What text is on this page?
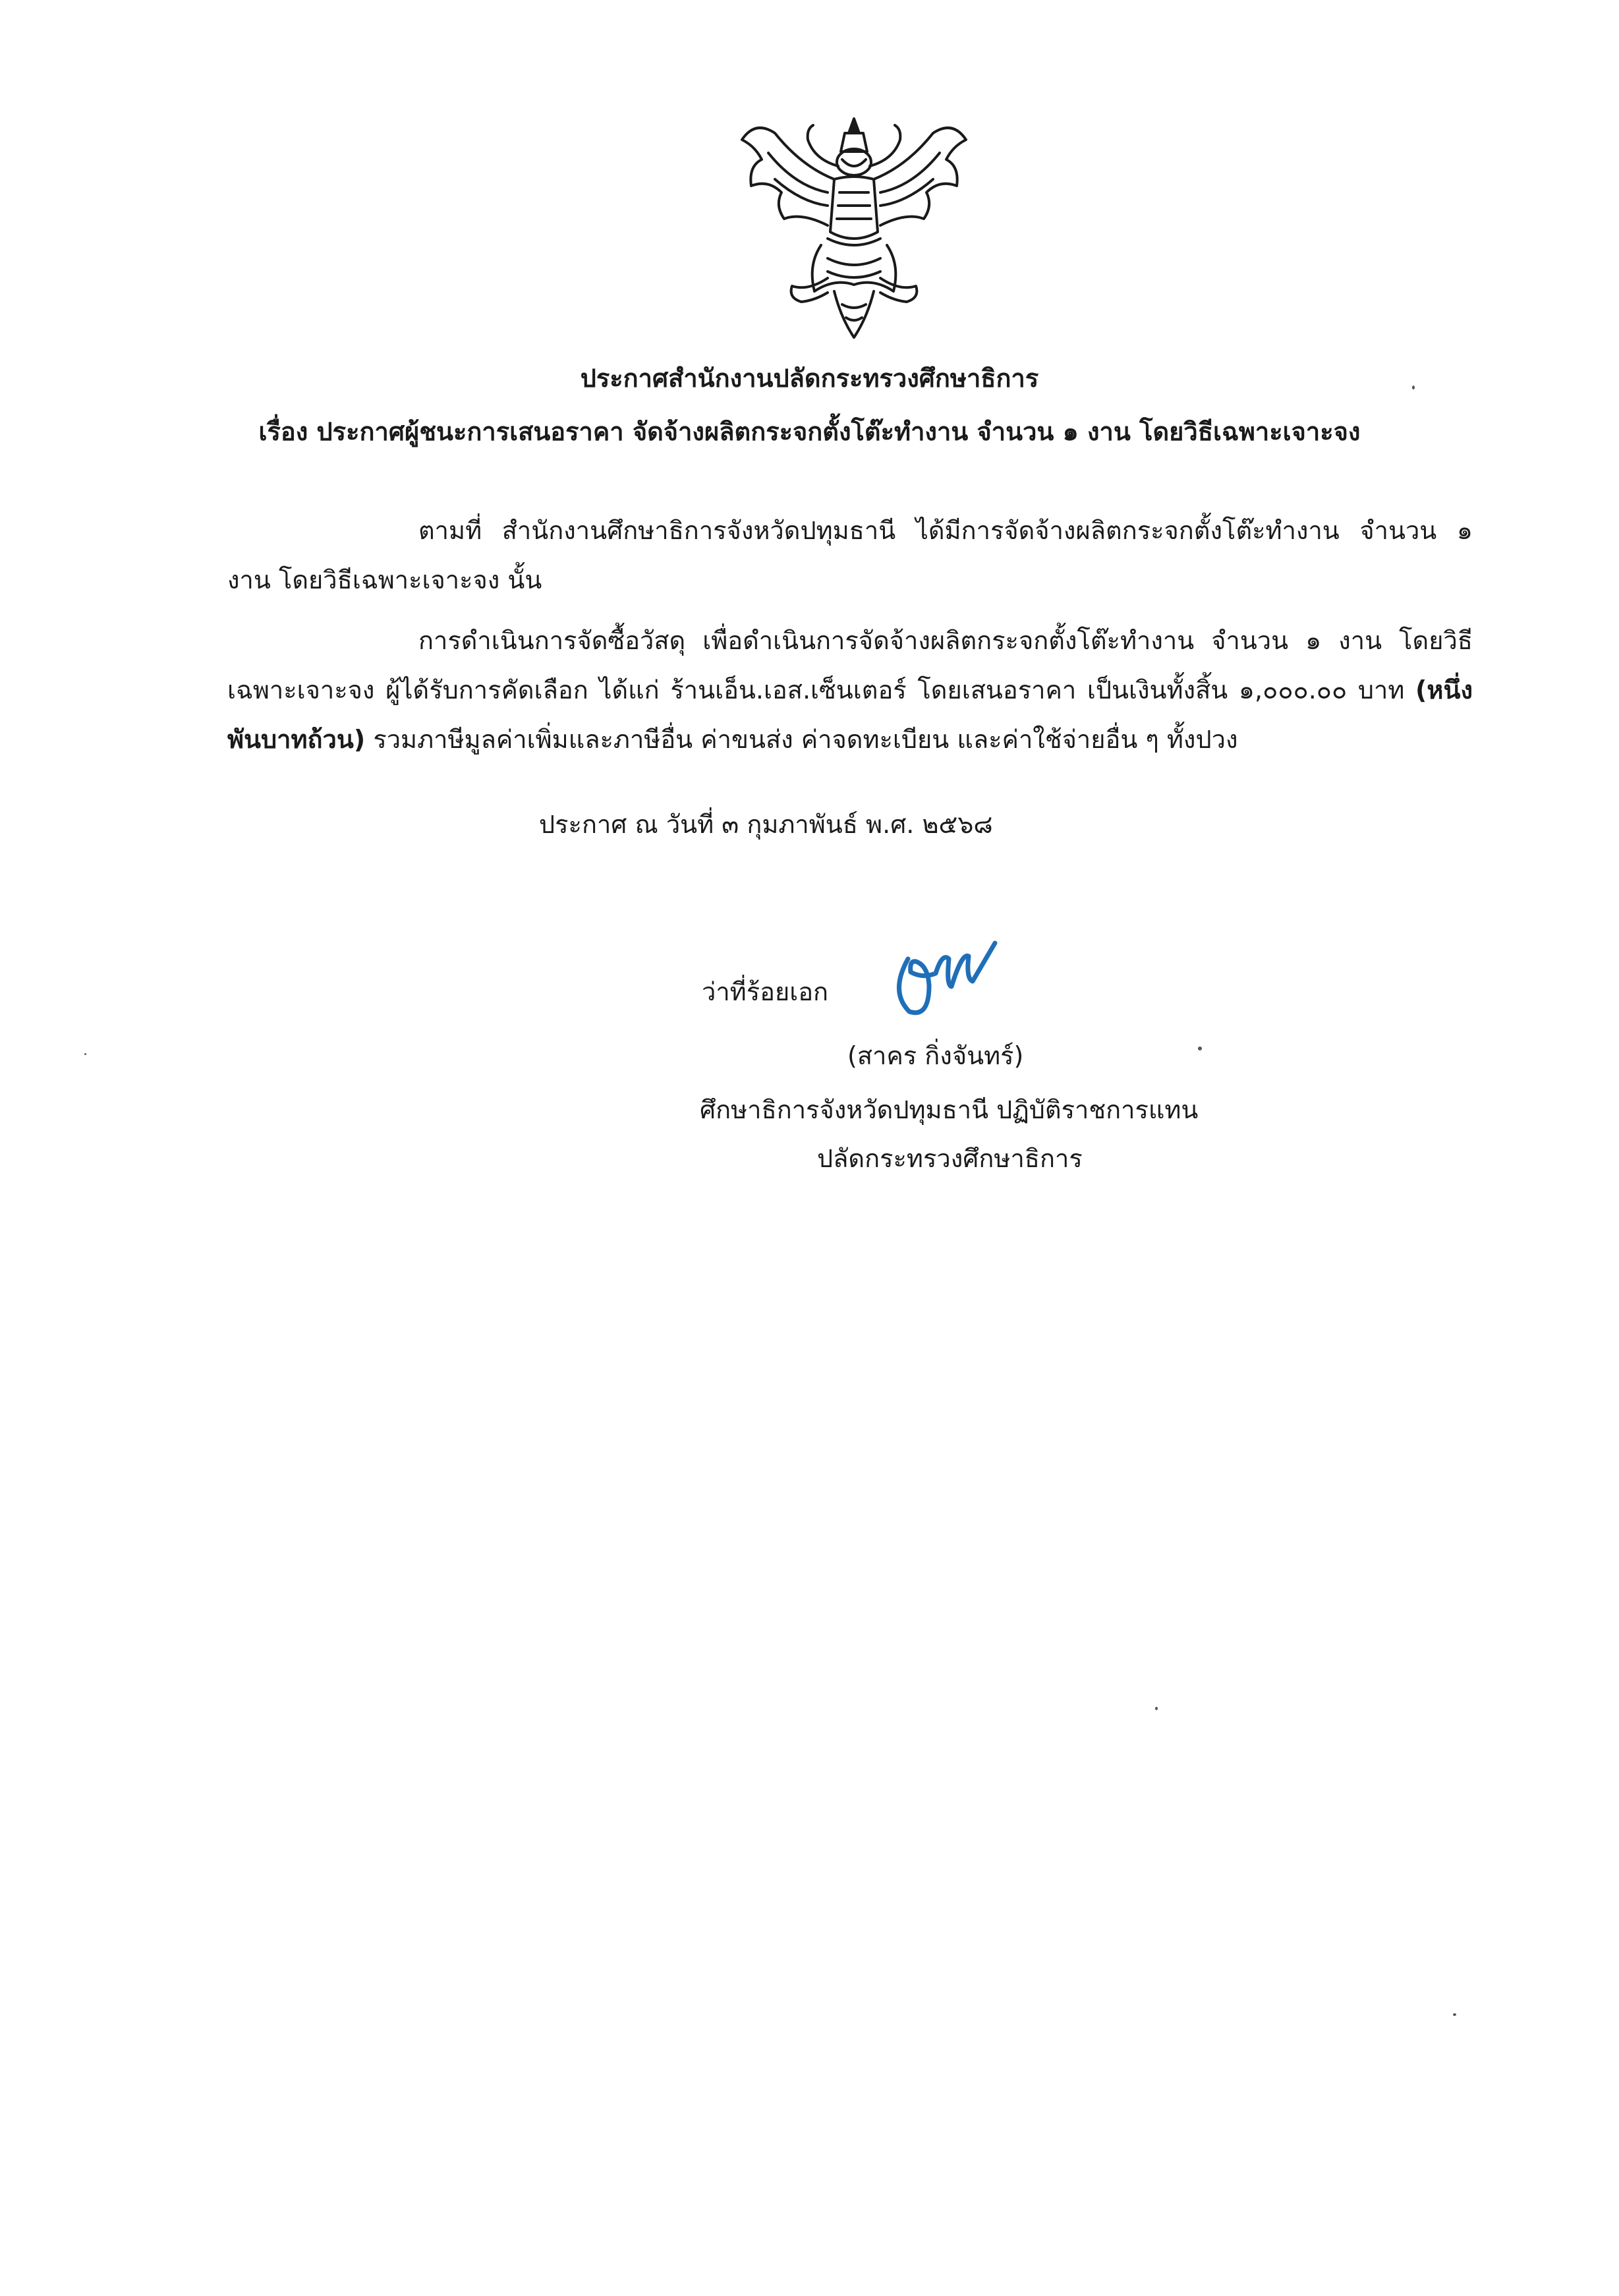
ประกาศสำนักงานปลัดกระทรวงศึกษาธิการ
เรื่อง ประกาศผู้ชนะการเสนอราคา จัดจ้างผลิตกระจกตั้งโต๊ะทำงาน จำนวน ๑ งาน โดยวิธีเฉพาะเจาะจง

ตามที่ สำนักงานศึกษาธิการจังหวัดปทุมธานี ได้มีการจัดจ้างผลิตกระจกตั้งโต๊ะทำงาน จำนวน ๑ งาน โดยวิธีเฉพาะเจาะจง นั้น

การดำเนินการจัดซื้อวัสดุ เพื่อดำเนินการจัดจ้างผลิตกระจกตั้งโต๊ะทำงาน จำนวน ๑ งาน โดยวิธีเฉพาะเจาะจง ผู้ได้รับการคัดเลือก ได้แก่ ร้านเอ็น.เอส.เซ็นเตอร์ โดยเสนอราคา เป็นเงินทั้งสิ้น ๑,๐๐๐.๐๐ บาท (หนึ่งพันบาทถ้วน) รวมภาษีมูลค่าเพิ่มและภาษีอื่น ค่าขนส่ง ค่าจดทะเบียน และค่าใช้จ่ายอื่น ๆ ทั้งปวง

ประกาศ ณ วันที่ ๓ กุมภาพันธ์ พ.ศ. ๒๕๖๘
ว่าที่ร้อยเอก
(สาคร กิ่งจันทร์)
ศึกษาธิการจังหวัดปทุมธานี ปฏิบัติราชการแทน
ปลัดกระทรวงศึกษาธิการ
